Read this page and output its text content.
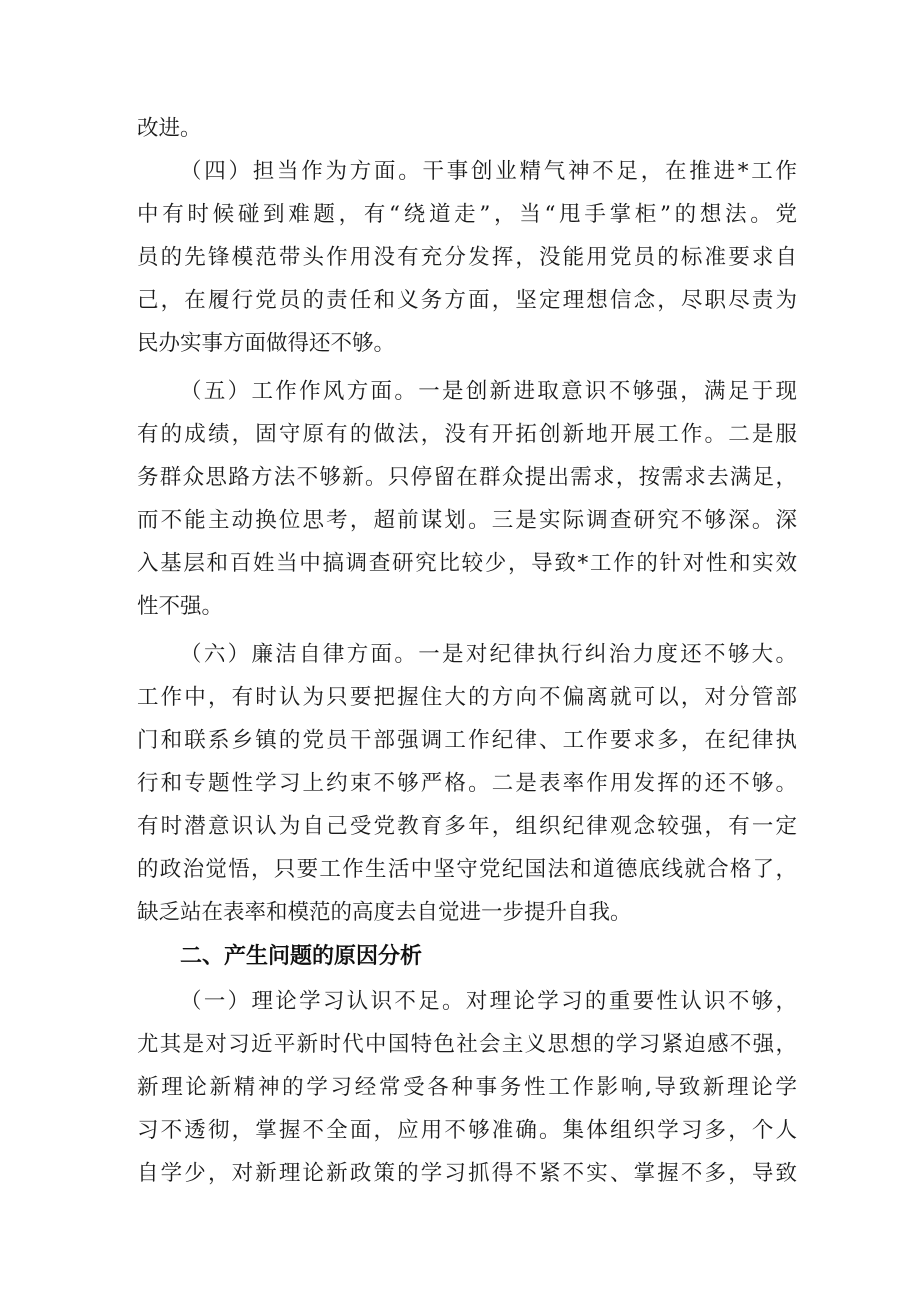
改进。
（四）担当作为方面。干事创业精气神不足，在推进*工作
中有时候碰到难题，有“绕道走”，当“甩手掌柜”的想法。党
员的先锋模范带头作用没有充分发挥，没能用党员的标准要求自
己，在履行党员的责任和义务方面，坚定理想信念，尽职尽责为
民办实事方面做得还不够。
（五）工作作风方面。一是创新进取意识不够强，满足于现
有的成绩，固守原有的做法，没有开拓创新地开展工作。二是服
务群众思路方法不够新。只停留在群众提出需求，按需求去满足，
而不能主动换位思考，超前谋划。三是实际调查研究不够深。深
入基层和百姓当中搞调查研究比较少，导致*工作的针对性和实效
性不强。
（六）廉洁自律方面。一是对纪律执行纠治力度还不够大。
工作中，有时认为只要把握住大的方向不偏离就可以，对分管部
门和联系乡镇的党员干部强调工作纪律、工作要求多，在纪律执
行和专题性学习上约束不够严格。二是表率作用发挥的还不够。
有时潜意识认为自己受党教育多年，组织纪律观念较强，有一定
的政治觉悟，只要工作生活中坚守党纪国法和道德底线就合格了，
缺乏站在表率和模范的高度去自觉进一步提升自我。
二、产生问题的原因分析
（一）理论学习认识不足。对理论学习的重要性认识不够，
尤其是对习近平新时代中国特色社会主义思想的学习紧迫感不强，
新理论新精神的学习经常受各种事务性工作影响,导致新理论学
习不透彻，掌握不全面，应用不够准确。集体组织学习多，个人
自学少，对新理论新政策的学习抓得不紧不实、掌握不多，导致
